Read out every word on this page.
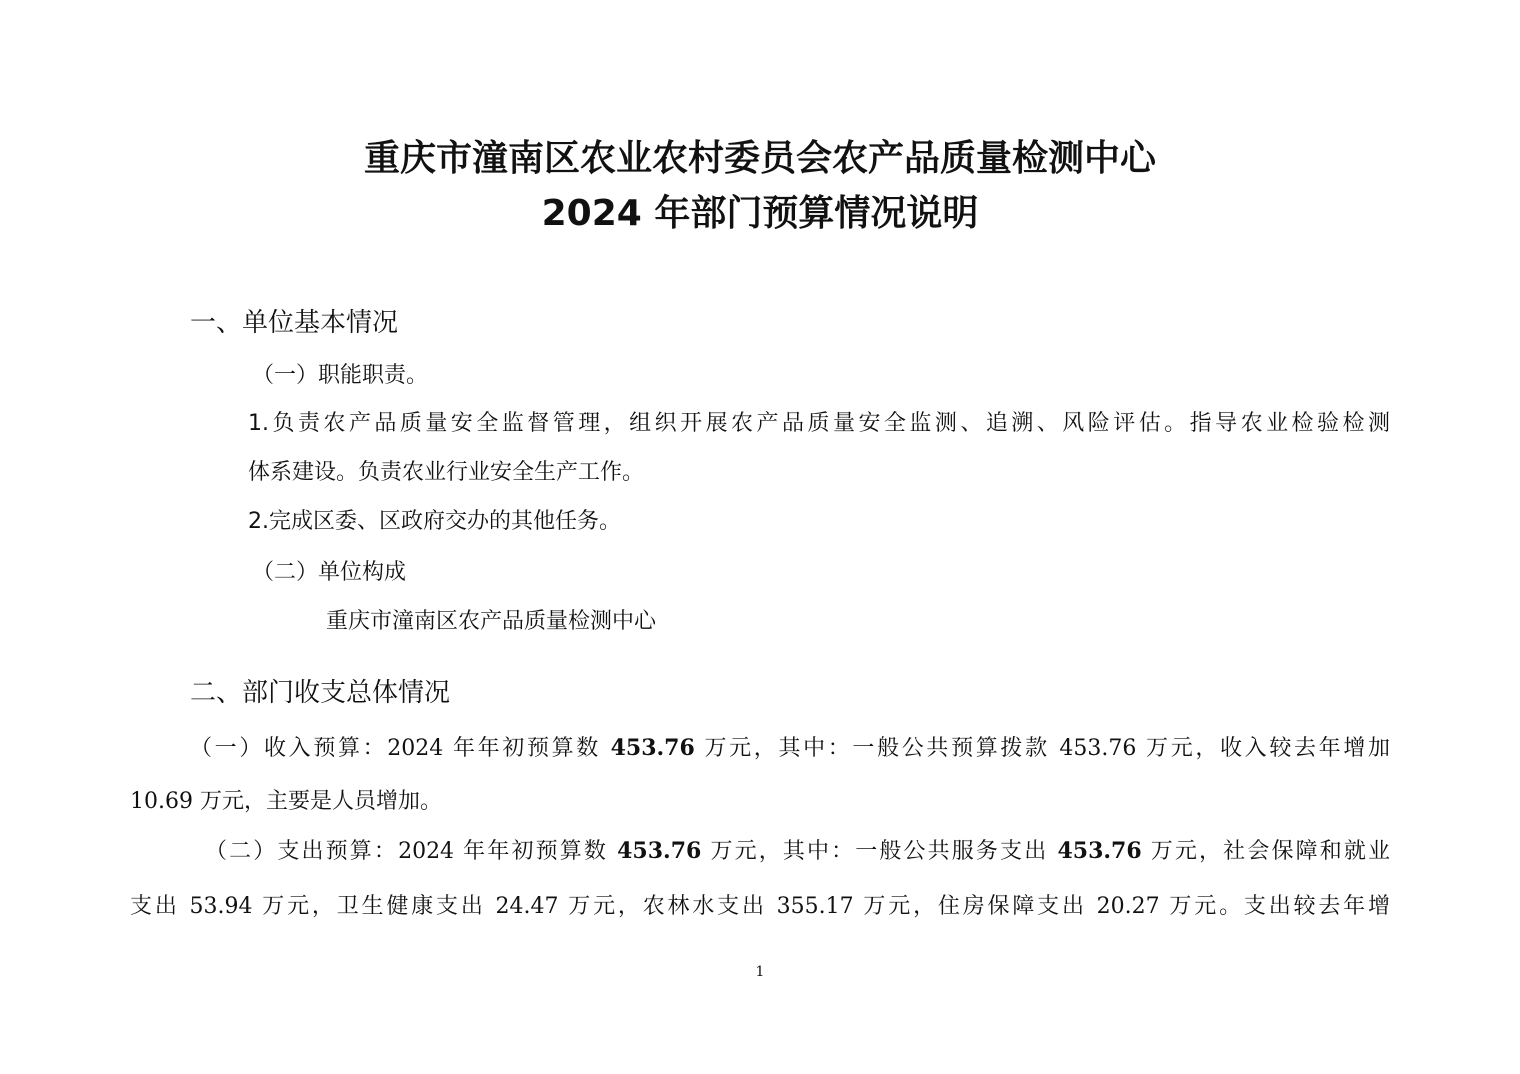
重庆市潼南区农业农村委员会农产品质量检测中心
2024 年部门预算情况说明
一、单位基本情况
（一）职能职责。
1.负责农产品质量安全监督管理，组织开展农产品质量安全监测、追溯、风险评估。指导农业检验检测
体系建设。负责农业行业安全生产工作。
2.完成区委、区政府交办的其他任务。
（二）单位构成
重庆市潼南区农产品质量检测中心
二、部门收支总体情况
（一）收入预算：2024 年年初预算数 453.76 万元，其中：一般公共预算拨款 453.76 万元，收入较去年增加
10.69 万元，主要是人员增加。
（二）支出预算：2024 年年初预算数 453.76 万元，其中：一般公共服务支出 453.76 万元，社会保障和就业
支出 53.94 万元，卫生健康支出 24.47 万元，农林水支出 355.17 万元，住房保障支出 20.27 万元。支出较去年增
1
